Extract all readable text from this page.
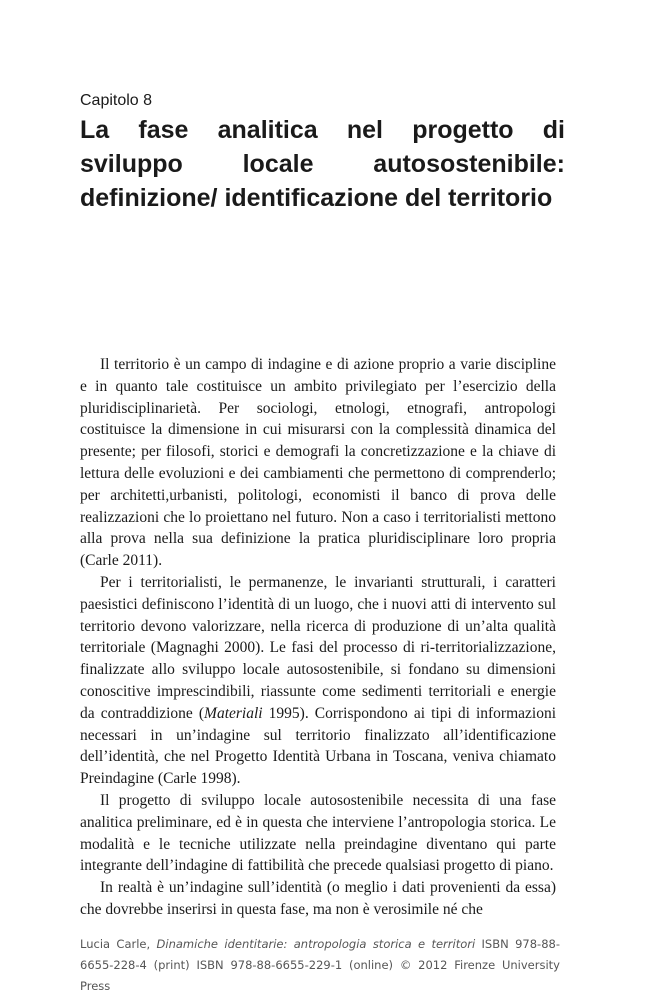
Capitolo 8

La fase analitica nel progetto di
sviluppo locale autosostenibile:
definizione/ identificazione del territorio

Il territorio è un campo di indagine e di azione proprio a varie discipline e in quanto tale costituisce un ambito privilegiato per l’esercizio della pluridisciplinarietà. Per sociologi, etnologi, etnografi, antropologi costituisce la dimensione in cui misurarsi con la complessità dinamica del presente; per filosofi, storici e demografi la concretizzazione e la chiave di lettura delle evoluzioni e dei cambiamenti che permettono di comprenderlo; per architetti,urbanisti, politologi, economisti il banco di prova delle realizzazioni che lo proiettano nel futuro. Non a caso i territorialisti mettono alla prova nella sua definizione la pratica pluridisciplinare loro propria (Carle 2011).

Per i territorialisti, le permanenze, le invarianti strutturali, i caratteri paesistici definiscono l’identità di un luogo, che i nuovi atti di intervento sul territorio devono valorizzare, nella ricerca di produzione di un’alta qualità territoriale (Magnaghi 2000). Le fasi del processo di ri-territorializzazione, finalizzate allo sviluppo locale autosostenibile, si fondano su dimensioni conoscitive imprescindibili, riassunte come sedimenti territoriali e energie da contraddizione (Materiali 1995). Corrispondono ai tipi di informazioni necessari in un’indagine sul territorio finalizzato all’identificazione dell’identità, che nel Progetto Identità Urbana in Toscana, veniva chiamato Preindagine (Carle 1998).

Il progetto di sviluppo locale autosostenibile necessita di una fase analitica preliminare, ed è in questa che interviene l’antropologia storica. Le modalità e le tecniche utilizzate nella preindagine diventano qui parte integrante dell’indagine di fattibilità che precede qualsiasi progetto di piano.

In realtà è un’indagine sull’identità (o meglio i dati provenienti da essa) che dovrebbe inserirsi in questa fase, ma non è verosimile né che

Lucia Carle, Dinamiche identitarie: antropologia storica e territori ISBN 978-88-6655-228-4 (print) ISBN 978-88-6655-229-1 (online) © 2012 Firenze University Press
